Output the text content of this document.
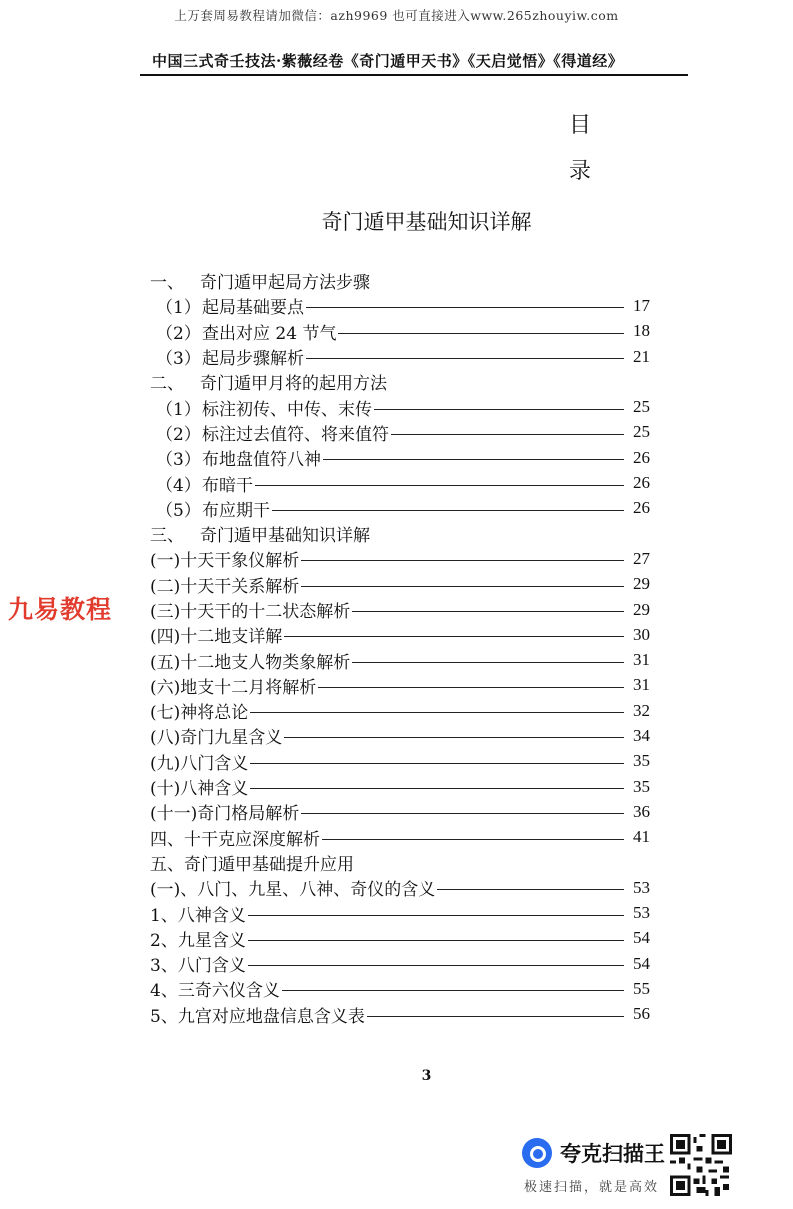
上万套周易教程请加微信：azh9969 也可直接进入www.265zhouyiw.com
中国三式奇壬技法·紫薇经卷《奇门遁甲天书》《天启觉悟》《得道经》
目
录
奇门遁甲基础知识详解
一、 奇门遁甲起局方法步骤
（1） 起局基础要点	17
（2） 查出对应 24 节气	18
（3） 起局步骤解析	21
二、 奇门遁甲月将的起用方法
（1） 标注初传、中传、末传	25
（2） 标注过去值符、将来值符	25
（3） 布地盘值符八神	26
（4） 布暗干	26
（5） 布应期干	26
三、 奇门遁甲基础知识详解
(一)十天干象仪解析	27
(二)十天干关系解析	29
(三)十天干的十二状态解析	29
(四)十二地支详解	30
(五)十二地支人物类象解析	31
(六)地支十二月将解析	31
(七)神将总论	32
(八)奇门九星含义	34
(九)八门含义	35
(十)八神含义	35
(十一)奇门格局解析	36
四、十干克应深度解析	41
五、奇门遁甲基础提升应用
(一)、八门、九星、八神、奇仪的含义	53
1、八神含义	53
2、九星含义	54
3、八门含义	54
4、三奇六仪含义	55
5、九宫对应地盘信息含义表	56
九易教程
3
夸克扫描王
极速扫描，就是高效
